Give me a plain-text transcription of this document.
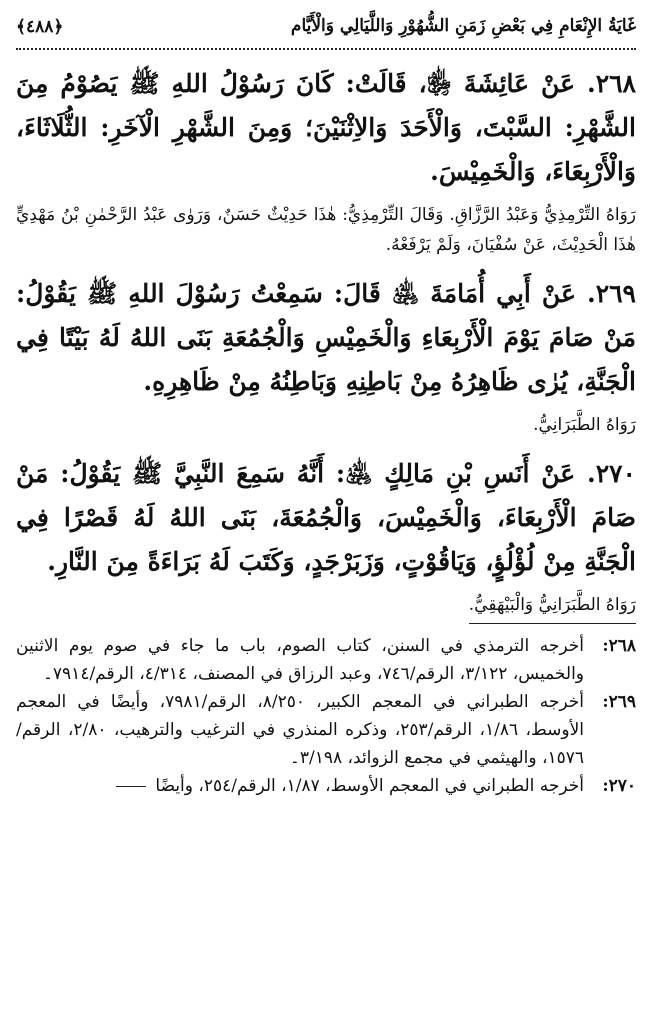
غَايَةُ الإِنْعَامِ فِي بَعْضِ زَمَنِ الشُّهُوْرِ وَاللَّيَالِي وَالْأَيَّام
﴿٤٨٨﴾
٢٦٨. عَنْ عَائِشَةَ ﵂، قَالَتْ: كَانَ رَسُوْلُ اللهِ ﷺ يَصُوْمُ مِنَ الشَّهْرِ: السَّبْتَ، وَالْأَحَدَ وَالاِثْنَيْنَ؛ وَمِنَ الشَّهْرِ الْآخَرِ: الثُّلَاثَاءَ، وَالْأَرْبِعَاءَ، وَالْخَمِيْسَ.
رَوَاهُ التِّرْمِذِيُّ وَعَبْدُ الرَّزَّاقِ. وَقَالَ التِّرْمِذِيُّ: هٰذَا حَدِيْثٌ حَسَنٌ، وَرَوٰى عَبْدُ الرَّحْمٰنِ بْنُ مَهْدِيٍّ هٰذَا الْحَدِيْثَ، عَنْ سُفْيَانَ، وَلَمْ يَرْفَعْهُ.
٢٦٩. عَنْ أَبِي أُمَامَةَ ﵁ قَالَ: سَمِعْتُ رَسُوْلَ اللهِ ﷺ يَقُوْلُ: مَنْ صَامَ يَوْمَ الْأَرْبِعَاءِ وَالْخَمِيْسِ وَالْجُمُعَةِ بَنَى اللهُ لَهُ بَيْتًا فِي الْجَنَّةِ، يُرٰى ظَاهِرُهُ مِنْ بَاطِنِهِ وَبَاطِنُهُ مِنْ ظَاهِرِهِ.
رَوَاهُ الطَّبَرَانِيُّ.
٢٧٠. عَنْ أَنَسِ بْنِ مَالِكٍ ﵁: أَنَّهُ سَمِعَ النَّبِيَّ ﷺ يَقُوْلُ: مَنْ صَامَ الْأَرْبِعَاءَ، وَالْخَمِيْسَ، وَالْجُمُعَةَ، بَنَى اللهُ لَهُ قَصْرًا فِي الْجَنَّةِ مِنْ لُؤْلُؤٍ، وَيَاقُوْتٍ، وَزَبَرْجَدٍ، وَكَتَبَ لَهُ بَرَاءَةً مِنَ النَّارِ.
رَوَاهُ الطَّبَرَانِيُّ وَالْبَيْهَقِيُّ.
٢٦٨:
أخرجه الترمذي في السنن، كتاب الصوم، باب ما جاء في صوم يوم الاثنين والخميس، ٣/١٢٢، الرقم/٧٤٦، وعبد الرزاق في المصنف، ٤/٣١٤، الرقم/٧٩١٤۔
٢٦٩:
أخرجه الطبراني في المعجم الكبير، ٨/٢٥٠، الرقم/٧٩٨١، وأيضًا في المعجم الأوسط، ١/٨٦، الرقم/٢٥٣، وذكره المنذري في الترغيب والترهيب، ٢/٨٠، الرقم/١٥٧٦، والهيثمي في مجمع الزوائد، ٣/١٩٨۔
٢٧٠:
أخرجه الطبراني في المعجم الأوسط، ١/٨٧، الرقم/٢٥٤، وأيضًا
